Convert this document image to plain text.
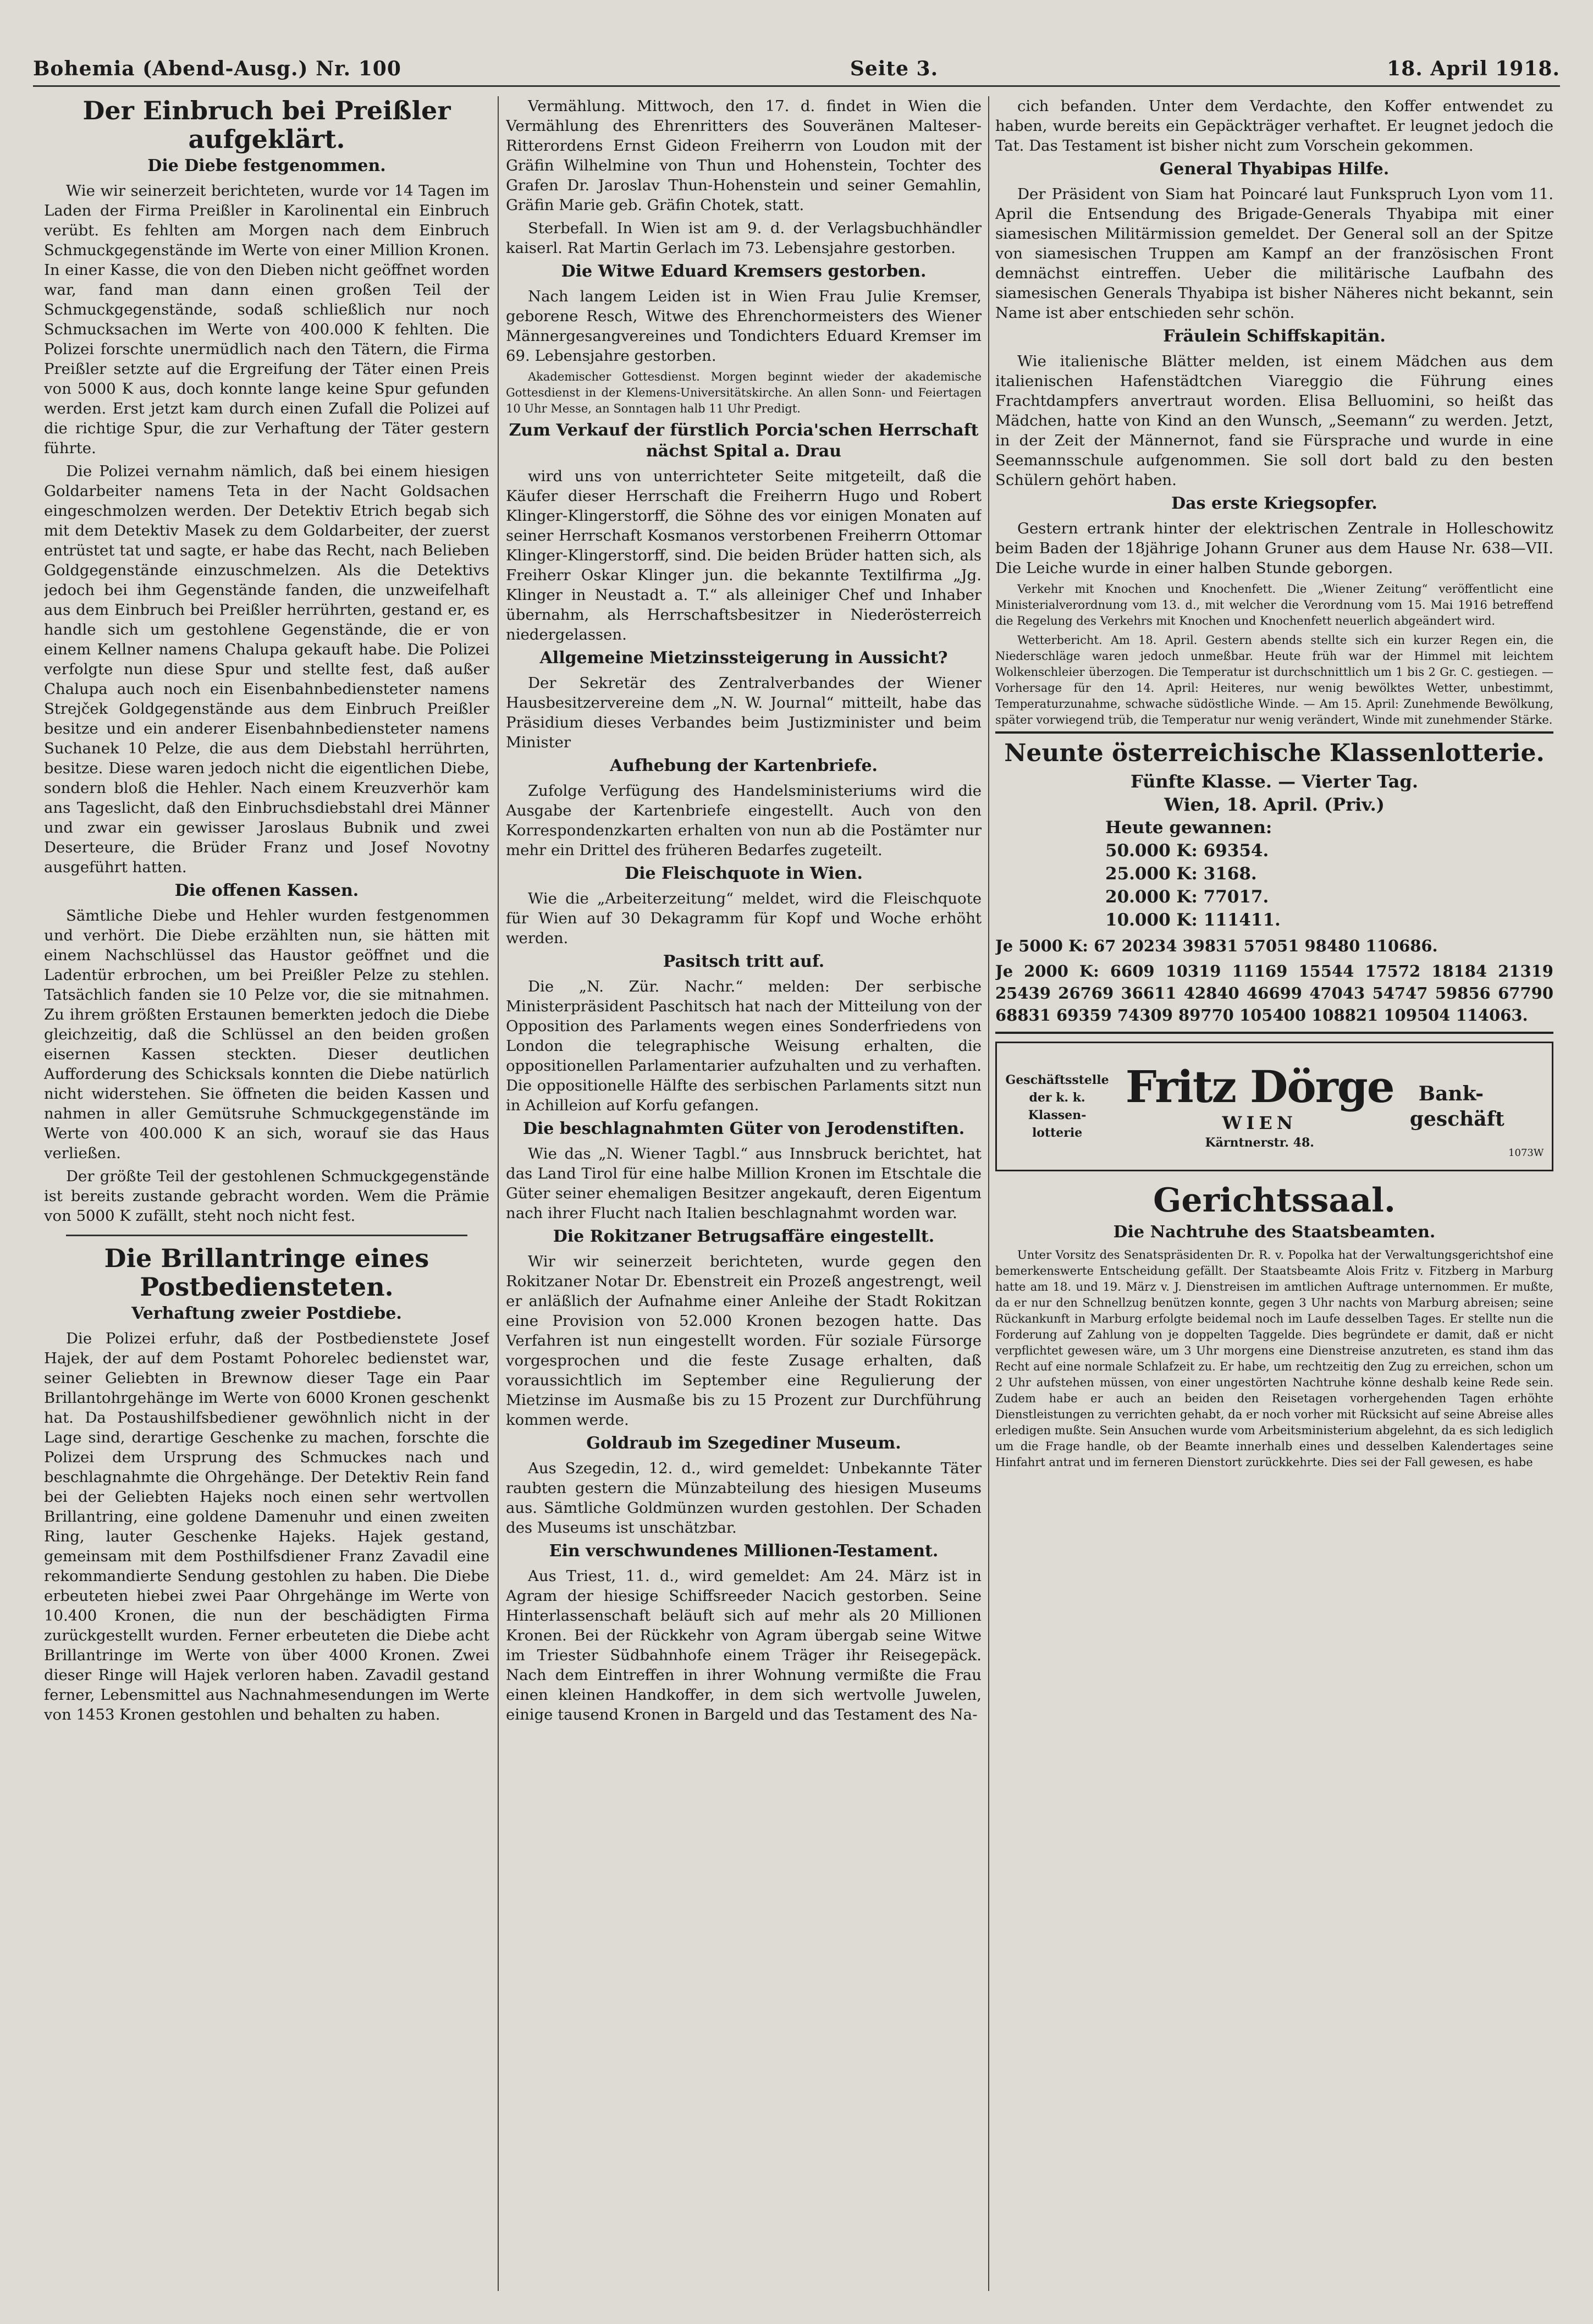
Bohemia (Abend-Ausg.) Nr. 100	Seite 3.	18. April 1918.
Der Einbruch bei Preißler aufgeklärt.
Die Diebe festgenommen.

Wie wir seinerzeit berichteten, wurde vor 14 Tagen im Laden der Firma Preißler in Karolinental ein Einbruch verübt. Es fehlten am Morgen nach dem Einbruch Schmuckgegenstände im Werte von einer Million Kronen. In einer Kasse, die von den Dieben nicht geöffnet worden war, fand man dann einen großen Teil der Schmuckgegenstände, sodaß schließlich nur noch Schmucksachen im Werte von 400.000 K fehlten. Die Polizei forschte unermüdlich nach den Tätern, die Firma Preißler setzte auf die Ergreifung der Täter einen Preis von 5000 K aus, doch konnte lange keine Spur gefunden werden. Erst jetzt kam durch einen Zufall die Polizei auf die richtige Spur, die zur Verhaftung der Täter gestern führte.

Die Polizei vernahm nämlich, daß bei einem hiesigen Goldarbeiter namens Teta in der Nacht Goldsachen eingeschmolzen werden. Der Detektiv Etrich begab sich mit dem Detektiv Masek zu dem Goldarbeiter, der zuerst entrüstet tat und sagte, er habe das Recht, nach Belieben Goldgegenstände einzuschmelzen. Als die Detektivs jedoch bei ihm Gegenstände fanden, die unzweifelhaft aus dem Einbruch bei Preißler herrührten, gestand er, es handle sich um gestohlene Gegenstände, die er von einem Kellner namens Chalupa gekauft habe. Die Polizei verfolgte nun diese Spur und stellte fest, daß außer Chalupa auch noch ein Eisenbahnbediensteter namens Strejček Goldgegenstände aus dem Einbruch Preißler besitze und ein anderer Eisenbahnbediensteter namens Suchanek 10 Pelze, die aus dem Diebstahl herrührten, besitze. Diese waren jedoch nicht die eigentlichen Diebe, sondern bloß die Hehler. Nach einem Kreuzverhör kam ans Tageslicht, daß den Einbruchsdiebstahl drei Männer und zwar ein gewisser Jaroslaus Bubnik und zwei Deserteure, die Brüder Franz und Josef Novotny ausgeführt hatten.

Die offenen Kassen.

Sämtliche Diebe und Hehler wurden festgenommen und verhört. Die Diebe erzählten nun, sie hätten mit einem Nachschlüssel das Haustor geöffnet und die Ladentür erbrochen, um bei Preißler Pelze zu stehlen. Tatsächlich fanden sie 10 Pelze vor, die sie mitnahmen. Zu ihrem größten Erstaunen bemerkten jedoch die Diebe gleichzeitig, daß die Schlüssel an den beiden großen eisernen Kassen steckten. Dieser deutlichen Aufforderung des Schicksals konnten die Diebe natürlich nicht widerstehen. Sie öffneten die beiden Kassen und nahmen in aller Gemütsruhe Schmuckgegenstände im Werte von 400.000 K an sich, worauf sie das Haus verließen.

Der größte Teil der gestohlenen Schmuckgegenstände ist bereits zustande gebracht worden. Wem die Prämie von 5000 K zufällt, steht noch nicht fest.

Die Brillantringe eines Postbediensteten.
Verhaftung zweier Postdiebe.

Die Polizei erfuhr, daß der Postbedienstete Josef Hajek, der auf dem Postamt Pohorelec bedienstet war, seiner Geliebten in Brewnow dieser Tage ein Paar Brillantohrgehänge im Werte von 6000 Kronen geschenkt hat. Da Postaushilfsbediener gewöhnlich nicht in der Lage sind, derartige Geschenke zu machen, forschte die Polizei dem Ursprung des Schmuckes nach und beschlagnahmte die Ohrgehänge. Der Detektiv Rein fand bei der Geliebten Hajeks noch einen sehr wertvollen Brillantring, eine goldene Damenuhr und einen zweiten Ring, lauter Geschenke Hajeks. Hajek gestand, gemeinsam mit dem Posthilfsdiener Franz Zavadil eine rekommandierte Sendung gestohlen zu haben. Die Diebe erbeuteten hiebei zwei Paar Ohrgehänge im Werte von 10.400 Kronen, die nun der beschädigten Firma zurückgestellt wurden. Ferner erbeuteten die Diebe acht Brillantringe im Werte von über 4000 Kronen. Zwei dieser Ringe will Hajek verloren haben. Zavadil gestand ferner, Lebensmittel aus Nachnahmesendungen im Werte von 1453 Kronen gestohlen und behalten zu haben.

Vermählung. Mittwoch, den 17. d. findet in Wien die Vermählung des Ehrenritters des Souveränen Malteser-Ritterordens Ernst Gideon Freiherrn von Loudon mit der Gräfin Wilhelmine von Thun und Hohenstein, Tochter des Grafen Dr. Jaroslav Thun-Hohenstein und seiner Gemahlin, Gräfin Marie geb. Gräfin Chotek, statt.

Sterbefall. In Wien ist am 9. d. der Verlagsbuchhändler kaiserl. Rat Martin Gerlach im 73. Lebensjahre gestorben.

Die Witwe Eduard Kremsers gestorben.

Nach langem Leiden ist in Wien Frau Julie Kremser, geborene Resch, Witwe des Ehrenchormeisters des Wiener Männergesangvereines und Tondichters Eduard Kremser im 69. Lebensjahre gestorben.

Akademischer Gottesdienst. Morgen beginnt wieder der akademische Gottesdienst in der Klemens-Universitätskirche. An allen Sonn- und Feiertagen 10 Uhr Messe, an Sonntagen halb 11 Uhr Predigt.

Zum Verkauf der fürstlich Porcia'schen Herrschaft nächst Spital a. Drau

wird uns von unterrichteter Seite mitgeteilt, daß die Käufer dieser Herrschaft die Freiherrn Hugo und Robert Klinger-Klingerstorff, die Söhne des vor einigen Monaten auf seiner Herrschaft Kosmanos verstorbenen Freiherrn Ottomar Klinger-Klingerstorff, sind. Die beiden Brüder hatten sich, als Freiherr Oskar Klinger jun. die bekannte Textilfirma „Jg. Klinger in Neustadt a. T.“ als alleiniger Chef und Inhaber übernahm, als Herrschaftsbesitzer in Niederösterreich niedergelassen.

Allgemeine Mietzinssteigerung in Aussicht?

Der Sekretär des Zentralverbandes der Wiener Hausbesitzervereine dem „N. W. Journal“ mitteilt, habe das Präsidium dieses Verbandes beim Justizminister und beim Minister

Aufhebung der Kartenbriefe.

Zufolge Verfügung des Handelsministeriums wird die Ausgabe der Kartenbriefe eingestellt. Auch von den Korrespondenzkarten erhalten von nun ab die Postämter nur mehr ein Drittel des früheren Bedarfes zugeteilt.

Die Fleischquote in Wien.

Wie die „Arbeiterzeitung“ meldet, wird die Fleischquote für Wien auf 30 Dekagramm für Kopf und Woche erhöht werden.

Pasitsch tritt auf.

Die „N. Zür. Nachr.“ melden: Der serbische Ministerpräsident Paschitsch hat nach der Mitteilung von der Opposition des Parlaments wegen eines Sonderfriedens von London die telegraphische Weisung erhalten, die oppositionellen Parlamentarier aufzuhalten und zu verhaften. Die oppositionelle Hälfte des serbischen Parlaments sitzt nun in Achilleion auf Korfu gefangen.

Die beschlagnahmten Güter von Jerodenstiften.

Wie das „N. Wiener Tagbl.“ aus Innsbruck berichtet, hat das Land Tirol für eine halbe Million Kronen im Etschtale die Güter seiner ehemaligen Besitzer angekauft, deren Eigentum nach ihrer Flucht nach Italien beschlagnahmt worden war.

Die Rokitzaner Betrugsaffäre eingestellt.

Wir wir seinerzeit berichteten, wurde gegen den Rokitzaner Notar Dr. Ebenstreit ein Prozeß angestrengt, weil er anläßlich der Aufnahme einer Anleihe der Stadt Rokitzan eine Provision von 52.000 Kronen bezogen hatte. Das Verfahren ist nun eingestellt worden. Für soziale Fürsorge vorgesprochen und die feste Zusage erhalten, daß voraussichtlich im September eine Regulierung der Mietzinse im Ausmaße bis zu 15 Prozent zur Durchführung kommen werde.

Goldraub im Szegediner Museum.

Aus Szegedin, 12. d., wird gemeldet: Unbekannte Täter raubten gestern die Münzabteilung des hiesigen Museums aus. Sämtliche Goldmünzen wurden gestohlen. Der Schaden des Museums ist unschätzbar.

Ein verschwundenes Millionen-Testament.

Aus Triest, 11. d., wird gemeldet: Am 24. März ist in Agram der hiesige Schiffsreeder Nacich gestorben. Seine Hinterlassenschaft beläuft sich auf mehr als 20 Millionen Kronen. Bei der Rückkehr von Agram übergab seine Witwe im Triester Südbahnhofe einem Träger ihr Reisegepäck. Nach dem Eintreffen in ihrer Wohnung vermißte die Frau einen kleinen Handkoffer, in dem sich wertvolle Juwelen, einige tausend Kronen in Bargeld und das Testament des Na-

cich befanden. Unter dem Verdachte, den Koffer entwendet zu haben, wurde bereits ein Gepäckträger verhaftet. Er leugnet jedoch die Tat. Das Testament ist bisher nicht zum Vorschein gekommen.

General Thyabipas Hilfe.

Der Präsident von Siam hat Poincaré laut Funkspruch Lyon vom 11. April die Entsendung des Brigade-Generals Thyabipa mit einer siamesischen Militärmission gemeldet. Der General soll an der Spitze von siamesischen Truppen am Kampf an der französischen Front demnächst eintreffen. Ueber die militärische Laufbahn des siamesischen Generals Thyabipa ist bisher Näheres nicht bekannt, sein Name ist aber entschieden sehr schön.

Fräulein Schiffskapitän.

Wie italienische Blätter melden, ist einem Mädchen aus dem italienischen Hafenstädtchen Viareggio die Führung eines Frachtdampfers anvertraut worden. Elisa Belluomini, so heißt das Mädchen, hatte von Kind an den Wunsch, „Seemann“ zu werden. Jetzt, in der Zeit der Männernot, fand sie Fürsprache und wurde in eine Seemannsschule aufgenommen. Sie soll dort bald zu den besten Schülern gehört haben.

Das erste Kriegsopfer.

Gestern ertrank hinter der elektrischen Zentrale in Holleschowitz beim Baden der 18jährige Johann Gruner aus dem Hause Nr. 638—VII. Die Leiche wurde in einer halben Stunde geborgen.

Verkehr mit Knochen und Knochenfett. Die „Wiener Zeitung“ veröffentlicht eine Ministerialverordnung vom 13. d., mit welcher die Verordnung vom 15. Mai 1916 betreffend die Regelung des Verkehrs mit Knochen und Knochenfett neuerlich abgeändert wird.

Wetterbericht. Am 18. April. Gestern abends stellte sich ein kurzer Regen ein, die Niederschläge waren jedoch unmeßbar. Heute früh war der Himmel mit leichtem Wolkenschleier überzogen. Die Temperatur ist durchschnittlich um 1 bis 2 Gr. C. gestiegen. — Vorhersage für den 14. April: Heiteres, nur wenig bewölktes Wetter, unbestimmt, Temperaturzunahme, schwache südöstliche Winde. — Am 15. April: Zunehmende Bewölkung, später vorwiegend trüb, die Temperatur nur wenig verändert, Winde mit zunehmender Stärke.

Neunte österreichische Klassenlotterie.
Fünfte Klasse. — Vierter Tag.
Wien, 18. April. (Priv.)
Heute gewannen:
50.000 K: 69354.
25.000 K: 3168.
20.000 K: 77017.
10.000 K: 111411.
Je 5000 K: 67 20234 39831 57051 98480 110686.
Je 2000 K: 6609 10319 11169 15544 17572 18184 21319 25439 26769 36611 42840 46699 47043 54747 59856 67790 68831 69359 74309 89770 105400 108821 109504 114063.
Geschäftsstelle der k. k. Klassen-lotterie
Fritz Dörge
WIEN
Kärntnerstr. 48.
Bank-geschäft
1073W
Gerichtssaal.
Die Nachtruhe des Staatsbeamten.

Unter Vorsitz des Senatspräsidenten Dr. R. v. Popolka hat der Verwaltungsgerichtshof eine bemerkenswerte Entscheidung gefällt. Der Staatsbeamte Alois Fritz v. Fitzberg in Marburg hatte am 18. und 19. März v. J. Dienstreisen im amtlichen Auftrage unternommen. Er mußte, da er nur den Schnellzug benützen konnte, gegen 3 Uhr nachts von Marburg abreisen; seine Rückankunft in Marburg erfolgte beidemal noch im Laufe desselben Tages. Er stellte nun die Forderung auf Zahlung von je doppelten Taggelde. Dies begründete er damit, daß er nicht verpflichtet gewesen wäre, um 3 Uhr morgens eine Dienstreise anzutreten, es stand ihm das Recht auf eine normale Schlafzeit zu. Er habe, um rechtzeitig den Zug zu erreichen, schon um 2 Uhr aufstehen müssen, von einer ungestörten Nachtruhe könne deshalb keine Rede sein. Zudem habe er auch an beiden den Reisetagen vorhergehenden Tagen erhöhte Dienstleistungen zu verrichten gehabt, da er noch vorher mit Rücksicht auf seine Abreise alles erledigen mußte. Sein Ansuchen wurde vom Arbeitsministerium abgelehnt, da es sich lediglich um die Frage handle, ob der Beamte innerhalb eines und desselben Kalendertages seine Hinfahrt antrat und im ferneren Dienstort zurückkehrte. Dies sei der Fall gewesen, es habe
